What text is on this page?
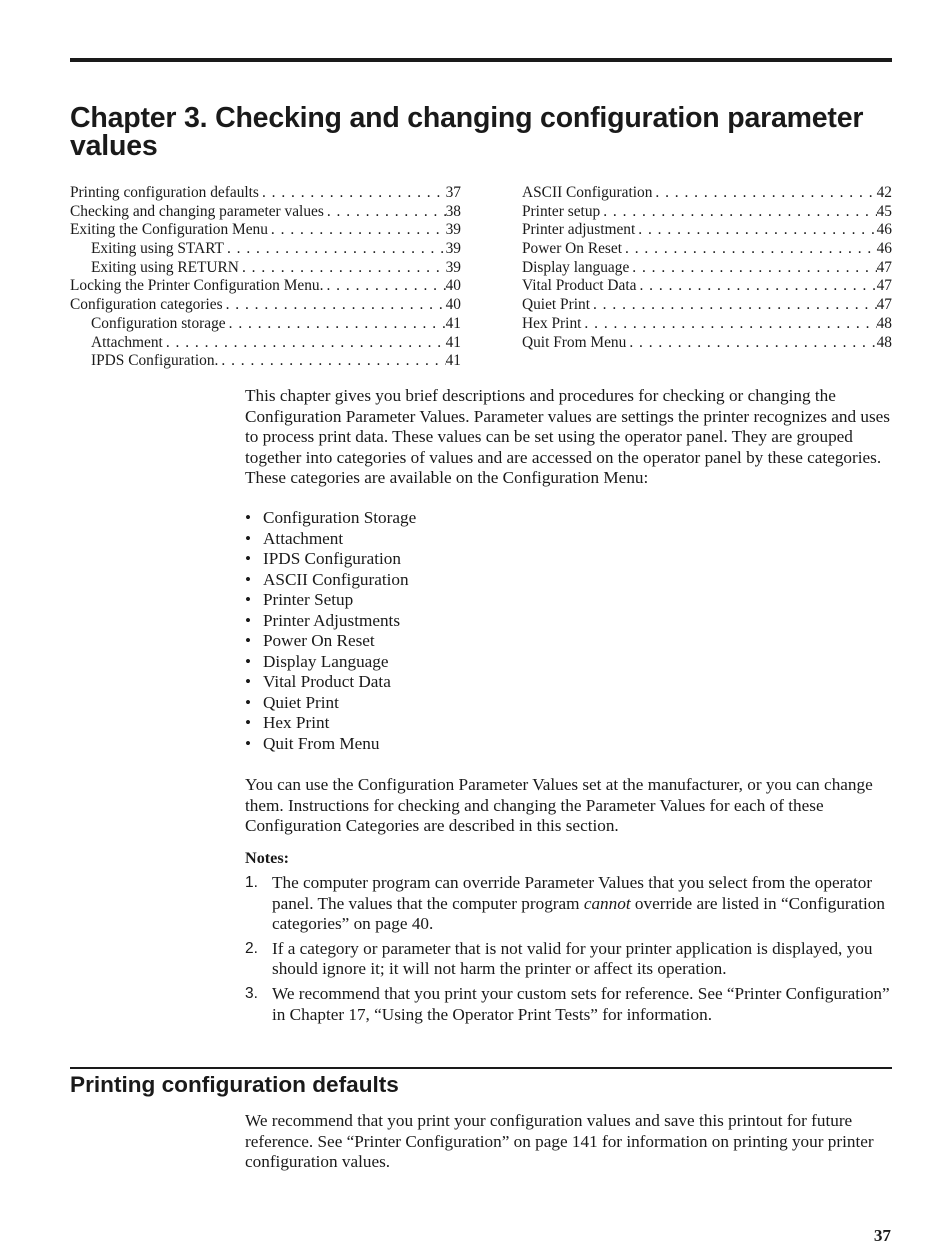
Chapter 3. Checking and changing configuration parameter values
Printing configuration defaults . . .	37
Checking and changing parameter values . . .	38
Exiting the Configuration Menu . . .	39
Exiting using START . . .	39
Exiting using RETURN . . .	39
Locking the Printer Configuration Menu. . . .	40
Configuration categories . . .	40
Configuration storage . . .	41
Attachment . . .	41
IPDS Configuration. . . .	41
ASCII Configuration . . .	42
Printer setup . . .	45
Printer adjustment . . .	46
Power On Reset . . .	46
Display language . . .	47
Vital Product Data . . .	47
Quiet Print . . .	47
Hex Print . . .	48
Quit From Menu . . .	48

This chapter gives you brief descriptions and procedures for checking or changing the Configuration Parameter Values. Parameter values are settings the printer recognizes and uses to process print data. These values can be set using the operator panel. They are grouped together into categories of values and are accessed on the operator panel by these categories. These categories are available on the Configuration Menu:

• Configuration Storage
• Attachment
• IPDS Configuration
• ASCII Configuration
• Printer Setup
• Printer Adjustments
• Power On Reset
• Display Language
• Vital Product Data
• Quiet Print
• Hex Print
• Quit From Menu

You can use the Configuration Parameter Values set at the manufacturer, or you can change them. Instructions for checking and changing the Parameter Values for each of these Configuration Categories are described in this section.

Notes:
1. The computer program can override Parameter Values that you select from the operator panel. The values that the computer program cannot override are listed in “Configuration categories” on page 40.
2. If a category or parameter that is not valid for your printer application is displayed, you should ignore it; it will not harm the printer or affect its operation.
3. We recommend that you print your custom sets for reference. See “Printer Configuration” in Chapter 17, “Using the Operator Print Tests” for information.
Printing configuration defaults

We recommend that you print your configuration values and save this printout for future reference. See “Printer Configuration” on page 141 for information on printing your printer configuration values.

37
